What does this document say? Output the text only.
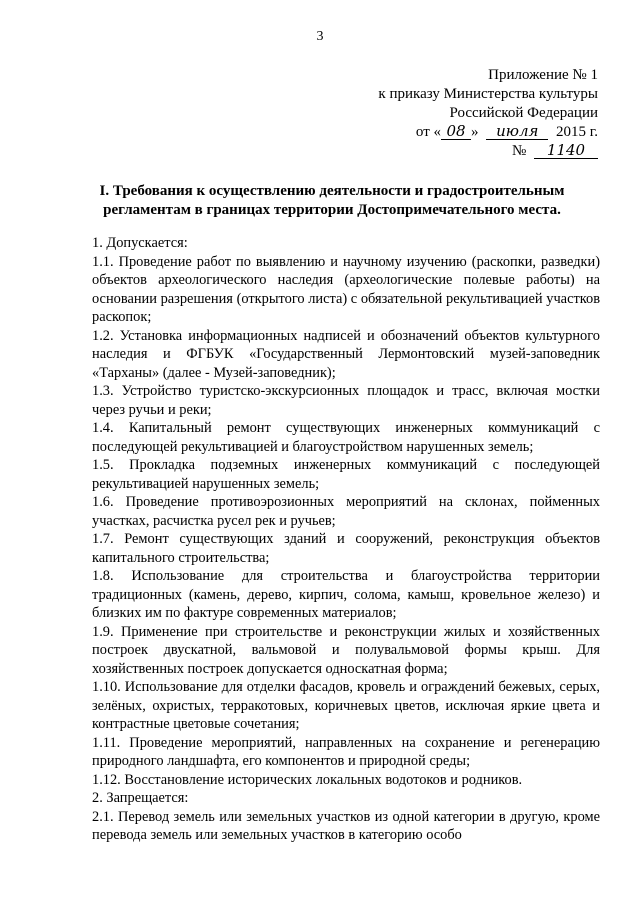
3
Приложение № 1
к приказу Министерства культуры
Российской Федерации
от « 08 » июля 2015 г.
№ 1140
I. Требования к осуществлению деятельности и градостроительным регламентам в границах территории Достопримечательного места.

1. Допускается:

1.1. Проведение работ по выявлению и научному изучению (раскопки, разведки) объектов археологического наследия (археологические полевые работы) на основании разрешения (открытого листа) с обязательной рекультивацией участков раскопок;

1.2. Установка информационных надписей и обозначений объектов культурного наследия и ФГБУК «Государственный Лермонтовский музей-заповедник «Тарханы» (далее - Музей-заповедник);

1.3. Устройство туристско-экскурсионных площадок и трасс, включая мостки через ручьи и реки;

1.4. Капитальный ремонт существующих инженерных коммуникаций с последующей рекультивацией и благоустройством нарушенных земель;

1.5. Прокладка подземных инженерных коммуникаций с последующей рекультивацией нарушенных земель;

1.6. Проведение противоэрозионных мероприятий на склонах, пойменных участках, расчистка русел рек и ручьев;

1.7. Ремонт существующих зданий и сооружений, реконструкция объектов капитального строительства;

1.8. Использование для строительства и благоустройства территории традиционных (камень, дерево, кирпич, солома, камыш, кровельное железо) и близких им по фактуре современных материалов;

1.9. Применение при строительстве и реконструкции жилых и хозяйственных построек двускатной, вальмовой и полувальмовой формы крыш. Для хозяйственных построек допускается односкатная форма;

1.10. Использование для отделки фасадов, кровель и ограждений бежевых, серых, зелёных, охристых, терракотовых, коричневых цветов, исключая яркие цвета и контрастные цветовые сочетания;

1.11. Проведение мероприятий, направленных на сохранение и регенерацию природного ландшафта, его компонентов и природной среды;

1.12. Восстановление исторических локальных водотоков и родников.

2. Запрещается:

2.1. Перевод земель или земельных участков из одной категории в другую, кроме перевода земель или земельных участков в категорию особо
